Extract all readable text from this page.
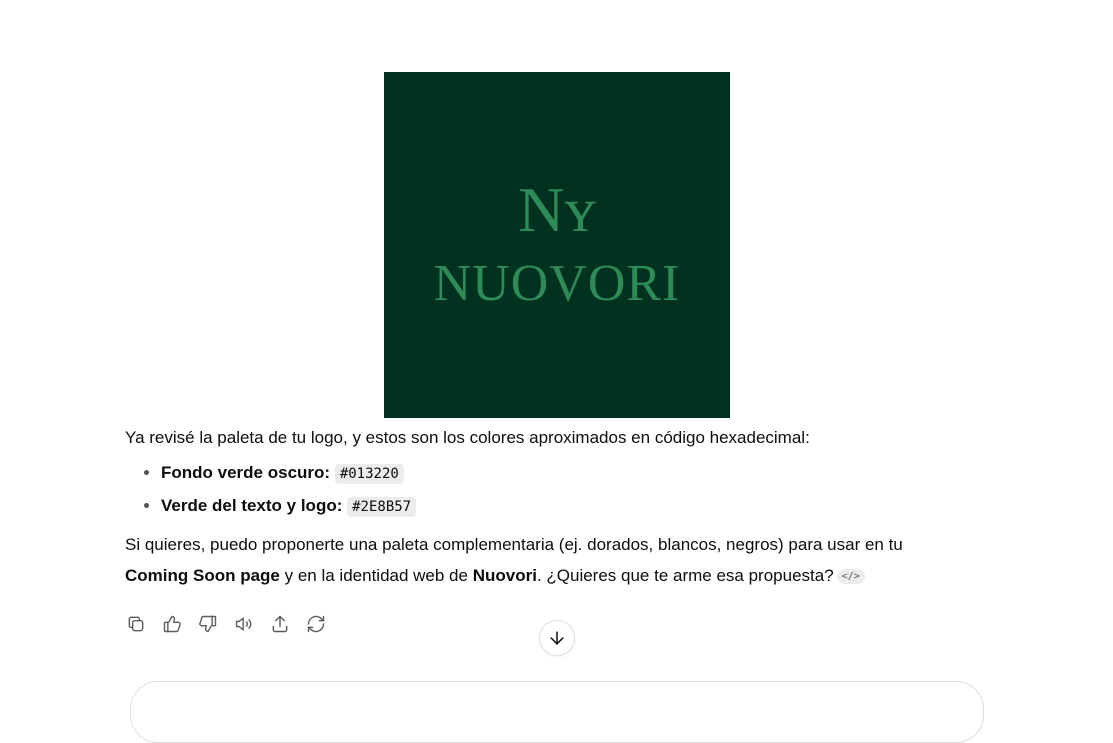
Nʏ
NUOVORI

Ya revisé la paleta de tu logo, y estos son los colores aproximados en código hexadecimal:

• Fondo verde oscuro: #013220
• Verde del texto y logo: #2E8B57

Si quieres, puedo proponerte una paleta complementaria (ej. dorados, blancos, negros) para usar en tu Coming Soon page y en la identidad web de Nuovori. ¿Quieres que te arme esa propuesta? </>
